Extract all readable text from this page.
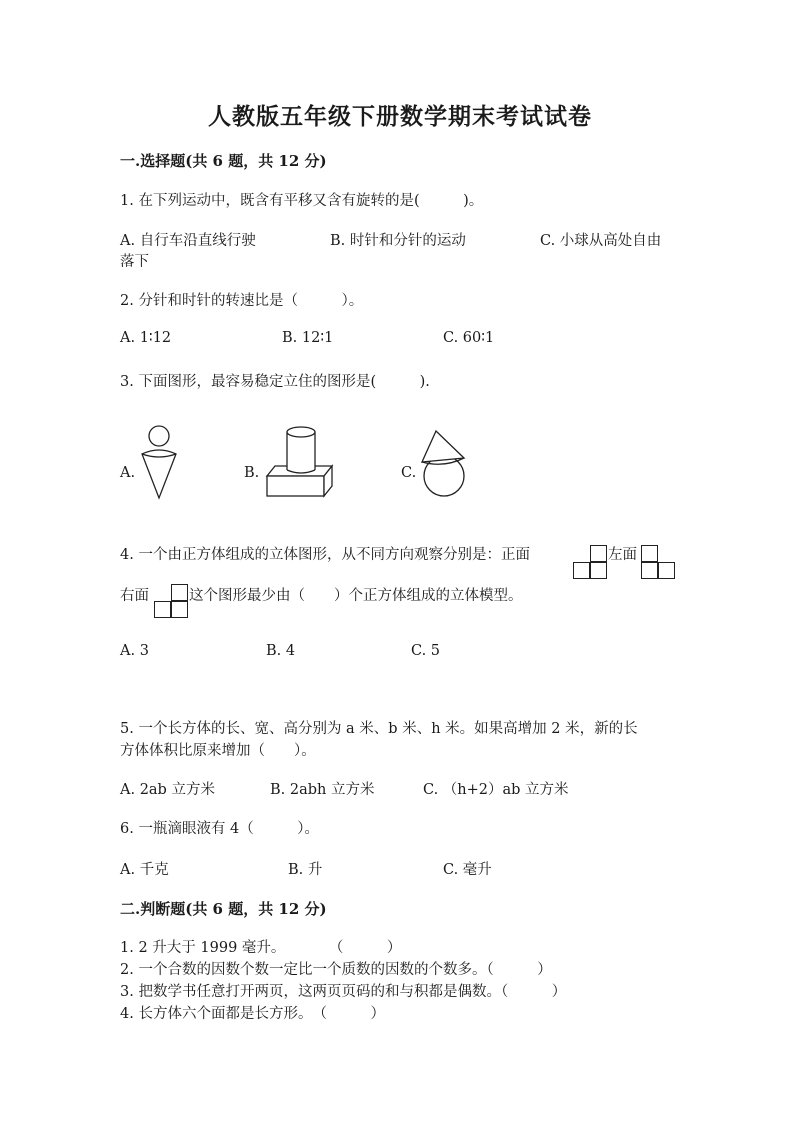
人教版五年级下册数学期末考试试卷
一.选择题(共 6 题，共 12 分)
1. 在下列运动中，既含有平移又含有旋转的是(　　　)。
A. 自行车沿直线行驶	B. 时针和分针的运动	C. 小球从高处自由
落下
2. 分针和时针的转速比是（　　　）。
A. 1∶12	B. 12∶1	C. 60∶1
3. 下面图形，最容易稳定立住的图形是(　　　).
A.	B.	C.
4. 一个由正方体组成的立体图形，从不同方向观察分别是：正面	左面
右面	这个图形最少由（　　）个正方体组成的立体模型。
A. 3	B. 4	C. 5
5. 一个长方体的长、宽、高分别为 a 米、b 米、h 米。如果高增加 2 米，新的长
方体体积比原来增加（　　）。
A. 2ab 立方米	B. 2abh 立方米	C. （h+2）ab 立方米
6. 一瓶滴眼液有 4（　　　）。
A. 千克	B. 升	C. 毫升
二.判断题(共 6 题，共 12 分)
1. 2 升大于 1999 毫升。　　　　（　　　）
2. 一个合数的因数个数一定比一个质数的因数的个数多。（　　　）
3. 把数学书任意打开两页，这两页页码的和与积都是偶数。（　　　）
4. 长方体六个面都是长方形。　（　　　）
